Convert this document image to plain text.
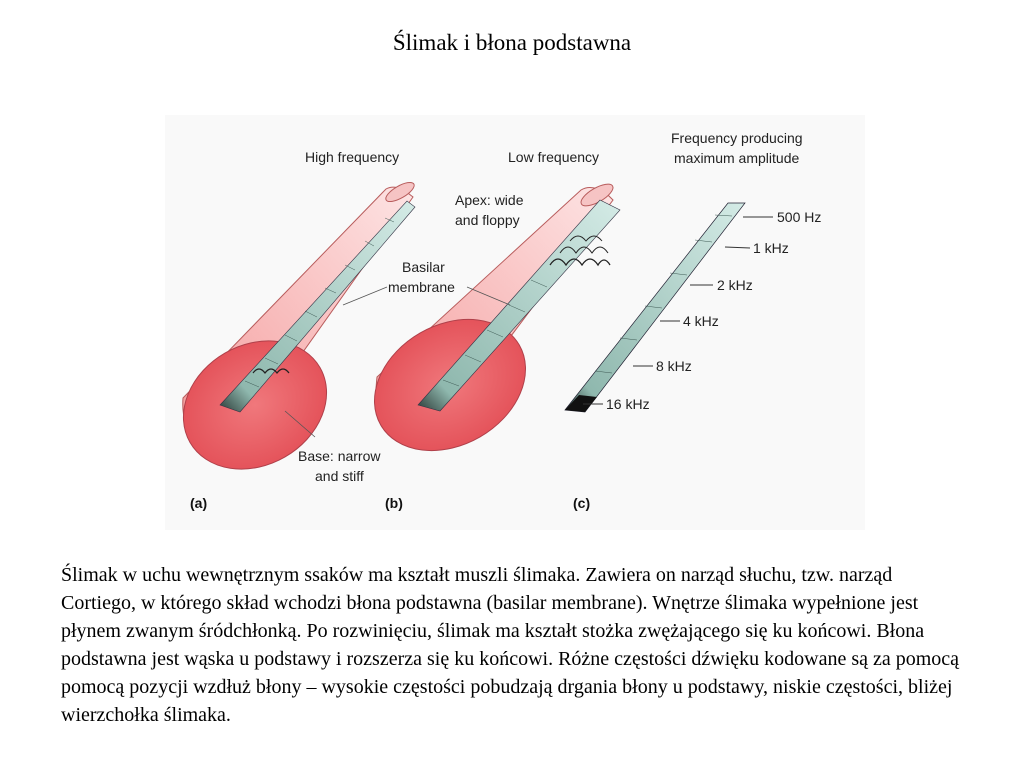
Ślimak i błona podstawna
High frequency
(a)
Base: narrow
and stiff
Low frequency
(b)
Apex: wide
and floppy
Basilar
membrane
Frequency producing
maximum amplitude
(c)
500 Hz
1 kHz
2 kHz
4 kHz
8 kHz
16 kHz
Ślimak w uchu wewnętrznym ssaków ma kształt muszli ślimaka. Zawiera on narząd słuchu, tzw. narząd Cortiego, w którego skład wchodzi błona podstawna (basilar membrane). Wnętrze ślimaka wypełnione jest płynem zwanym śródchłonką. Po rozwinięciu, ślimak ma kształt stożka zwężającego się ku końcowi. Błona podstawna jest wąska u podstawy i rozszerza się ku końcowi. Różne częstości dźwięku kodowane są za pomocą pomocą pozycji wzdłuż błony – wysokie częstości pobudzają drgania błony u podstawy, niskie częstości, bliżej wierzchołka ślimaka.
